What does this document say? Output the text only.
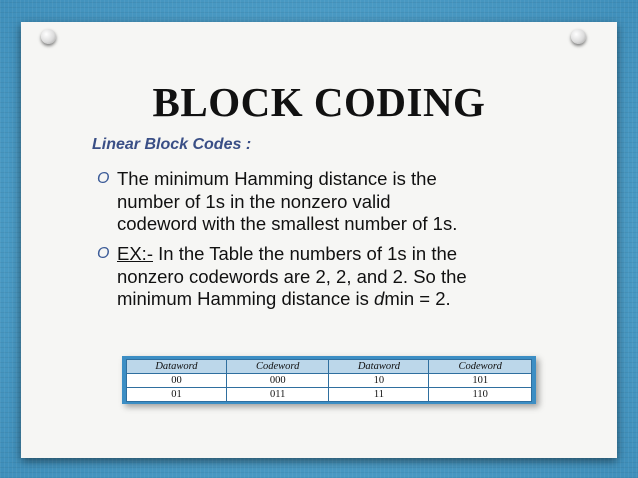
BLOCK CODING
Linear Block Codes :
O The minimum Hamming distance is the
number of 1s in the nonzero valid
codeword with the smallest number of 1s.
O EX:- In the Table the numbers of 1s in the
nonzero codewords are 2, 2, and 2. So the
minimum Hamming distance is dmin = 2.
Dataword	Codeword	Dataword	Codeword
00	000	10	101
01	011	11	110
